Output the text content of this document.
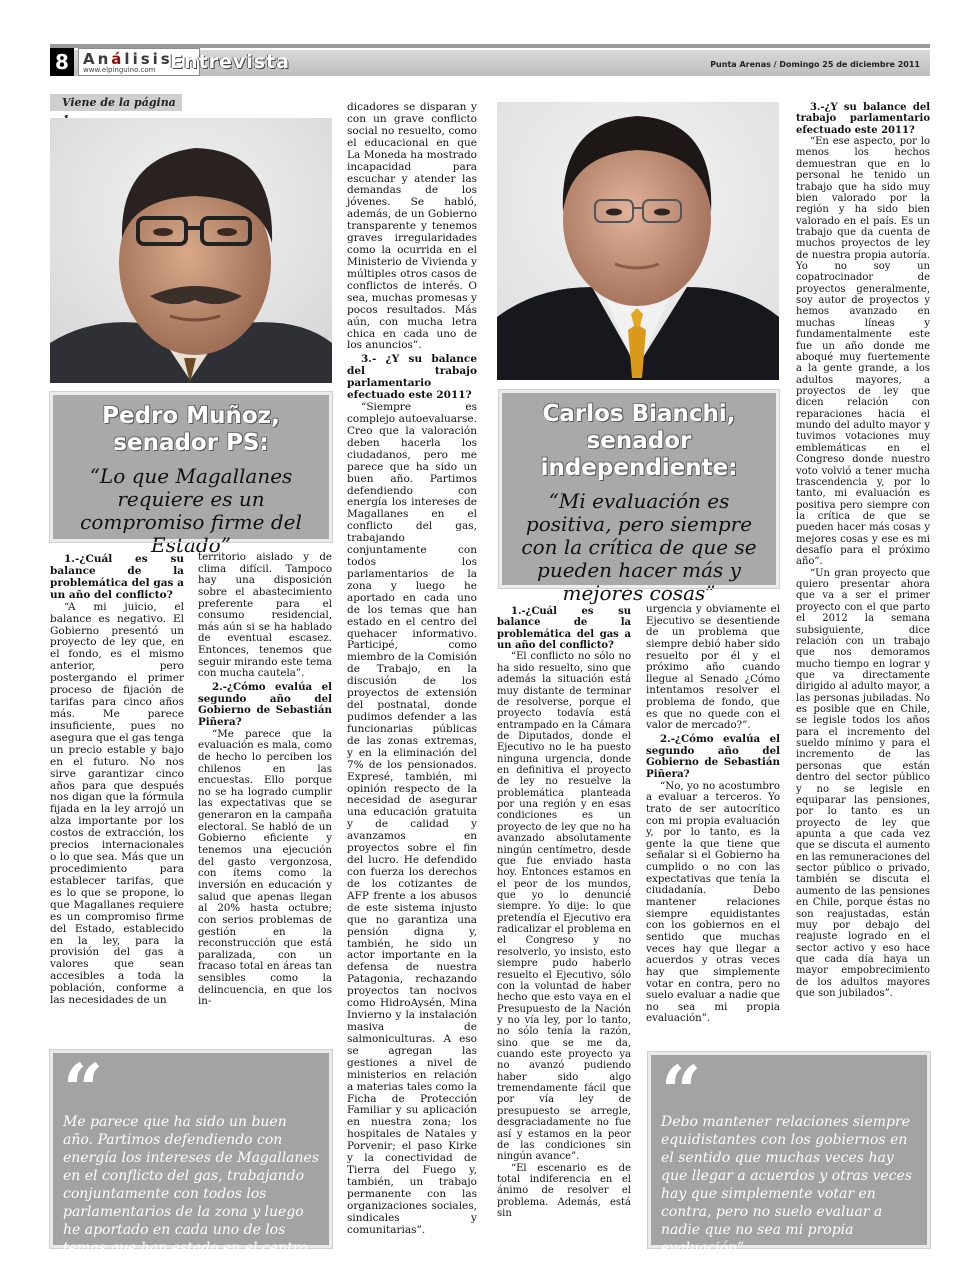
8 Análisis
www.elpinguino.com Entrevista	Punta Arenas / Domingo 25 de diciembre 2011
Viene de la página
Pedro Muñoz,
senador PS:
“Lo que Magallanes requiere es un compromiso firme del Estado”

1.-¿Cuál es su balance de la problemática del gas a un año del conflicto?

“A mi juicio, el balance es negativo. El Gobierno presentó un proyecto de ley que, en el fondo, es el mismo anterior, pero postergando el primer proceso de fijación de tarifas para cinco años más. Me parece insuficiente, pues no asegura que el gas tenga un precio estable y bajo en el futuro. No nos sirve garantizar cinco años para que después nos digan que la fórmula fijada en la ley arrojó un alza importante por los costos de extracción, los precios internacionales o lo que sea. Más que un procedimiento para establecer tarifas, que es lo que se propone, lo que Magallanes requiere es un compromiso firme del Estado, establecido en la ley, para la provisión del gas a valores que sean accesibles a toda la población, conforme a las necesidades de un

territorio aislado y de clima difícil. Tampoco hay una disposición sobre el abastecimiento preferente para el consumo residencial, más aún si se ha hablado de eventual escasez. Entonces, tenemos que seguir mirando este tema con mucha cautela”.

2.-¿Cómo evalúa el segundo año del Gobierno de Sebastián Piñera?

“Me parece que la evaluación es mala, como de hecho lo perciben los chilenos en las encuestas. Ello porque no se ha logrado cumplir las expectativas que se generaron en la campaña electoral. Se habló de un Gobierno eficiente y tenemos una ejecución del gasto vergonzosa, con ítems como la inversión en educación y salud que apenas llegan al 20% hasta octubre; con serios problemas de gestión en la reconstrucción que está paralizada, con un fracaso total en áreas tan sensibles como la delincuencia, en que los in-

dicadores se disparan y con un grave conflicto social no resuelto, como el educacional en que La Moneda ha mostrado incapacidad para escuchar y atender las demandas de los jóvenes. Se habló, además, de un Gobierno transparente y tenemos graves irregularidades como la ocurrida en el Ministerio de Vivienda y múltiples otros casos de conflictos de interés. O sea, muchas promesas y pocos resultados. Más aún, con mucha letra chica en cada uno de los anuncios”.

3.- ¿Y su balance del trabajo parlamentario efectuado este 2011?

“Siempre es complejo autoevaluarse. Creo que la valoración deben hacerla los ciudadanos, pero me parece que ha sido un buen año. Partimos defendiendo con energía los intereses de Magallanes en el conflicto del gas, trabajando conjuntamente con todos los parlamentarios de la zona y luego he aportado en cada uno de los temas que han estado en el centro del quehacer informativo. Participé, como miembro de la Comisión de Trabajo, en la discusión de los proyectos de extensión del postnatal, donde pudimos defender a las funcionarias públicas de las zonas extremas, y en la eliminación del 7% de los pensionados. Expresé, también, mi opinión respecto de la necesidad de asegurar una educación gratuita y de calidad y avanzamos en proyectos sobre el fin del lucro. He defendido con fuerza los derechos de los cotizantes de AFP frente a los abusos de este sistema injusto que no garantiza una pensión digna y, también, he sido un actor importante en la defensa de nuestra Patagonia, rechazando proyectos tan nocivos como HidroAysén, Mina Invierno y la instalación masiva de salmoniculturas. A eso se agregan las gestiones a nivel de ministerios en relación a materias tales como la Ficha de Protección Familiar y su aplicación en nuestra zona; los hospitales de Natales y Porvenir; el paso Kirke y la conectividad de Tierra del Fuego y, también, un trabajo permanente con las organizaciones sociales, sindicales y comunitarias”.

“
Me parece que ha sido un buen año. Partimos defendiendo con energía los intereses de Magallanes en el conflicto del gas, trabajando conjuntamente con todos los parlamentarios de la zona y luego he aportado en cada uno de los temas que han estado en el centro del quehacer informativo”.
Carlos Bianchi,
senador
independiente:
“Mi evaluación es positiva, pero siempre con la crítica de que se pueden hacer más y mejores cosas”

1.-¿Cuál es su balance de la problemática del gas a un año del conflicto?

“El conflicto no sólo no ha sido resuelto, sino que además la situación está muy distante de terminar de resolverse, porque el proyecto todavía está entrampado en la Cámara de Diputados, donde el Ejecutivo no le ha puesto ninguna urgencia, donde en definitiva el proyecto de ley no resuelve la problemática planteada por una región y en esas condiciones es un proyecto de ley que no ha avanzado absolutamente ningún centímetro, desde que fue enviado hasta hoy. Entonces estamos en el peor de los mundos, que yo lo denuncié siempre. Yo dije: lo que pretendía el Ejecutivo era radicalizar el problema en el Congreso y no resolverlo, yo insisto, esto siempre pudo haberlo resuelto el Ejecutivo, sólo con la voluntad de haber hecho que esto vaya en el Presupuesto de la Nación y no vía ley, por lo tanto, no sólo tenía la razón, sino que se me da, cuando este proyecto ya no avanzó pudiendo haber sido algo tremendamente fácil que por vía ley de presupuesto se arregle, desgraciadamente no fue así y estamos en la peor de las condiciones sin ningún avance”.

“El escenario es de total indiferencia en el ánimo de resolver el problema. Además, está sin

urgencia y obviamente el Ejecutivo se desentiende de un problema que siempre debió haber sido resuelto por él y el próximo año cuando llegue al Senado ¿Cómo intentamos resolver el problema de fondo, que es que no quede con el valor de mercado?”.

2.-¿Cómo evalúa el segundo año del Gobierno de Sebastián Piñera?

“No, yo no acostumbro a evaluar a terceros. Yo trato de ser autocrítico con mi propia evaluación y, por lo tanto, es la gente la que tiene que señalar si el Gobierno ha cumplido o no con las expectativas que tenía la ciudadanía. Debo mantener relaciones siempre equidistantes con los gobiernos en el sentido que muchas veces hay que llegar a acuerdos y otras veces hay que simplemente votar en contra, pero no suelo evaluar a nadie que no sea mi propia evaluación”.

3.-¿Y su balance del trabajo parlamentario efectuado este 2011?

“En ese aspecto, por lo menos los hechos demuestran que en lo personal he tenido un trabajo que ha sido muy bien valorado por la región y ha sido bien valorado en el país. Es un trabajo que da cuenta de muchos proyectos de ley de nuestra propia autoría. Yo no soy un copatrocinador de proyectos generalmente, soy autor de proyectos y hemos avanzado en muchas líneas y fundamentalmente este fue un año donde me aboqué muy fuertemente a la gente grande, a los adultos mayores, a proyectos de ley que dicen relación con reparaciones hacia el mundo del adulto mayor y tuvimos votaciones muy emblemáticas en el Congreso donde nuestro voto volvió a tener mucha trascendencia y, por lo tanto, mi evaluación es positiva pero siempre con la crítica de que se pueden hacer más cosas y mejores cosas y ese es mi desafío para el próximo año”.

“Un gran proyecto que quiero presentar ahora que va a ser el primer proyecto con el que parto el 2012 la semana subsiguiente, dice relación con un trabajo que nos demoramos mucho tiempo en lograr y que va directamente dirigido al adulto mayor, a las personas jubiladas. No es posible que en Chile, se legisle todos los años para el incremento del sueldo mínimo y para el incremento de las personas que están dentro del sector público y no se legisle en equiparar las pensiones, por lo tanto es un proyecto de ley que apunta a que cada vez que se discuta el aumento en las remuneraciones del sector público o privado, también se discuta el aumento de las pensiones en Chile, porque éstas no son reajustadas, están muy por debajo del reajuste logrado en el sector activo y eso hace que cada día haya un mayor empobrecimiento de los adultos mayores que son jubilados”.

“
Debo mantener relaciones siempre equidistantes con los gobiernos en el sentido que muchas veces hay que llegar a acuerdos y otras veces hay que simplemente votar en contra, pero no suelo evaluar a nadie que no sea mi propia evaluación”.
